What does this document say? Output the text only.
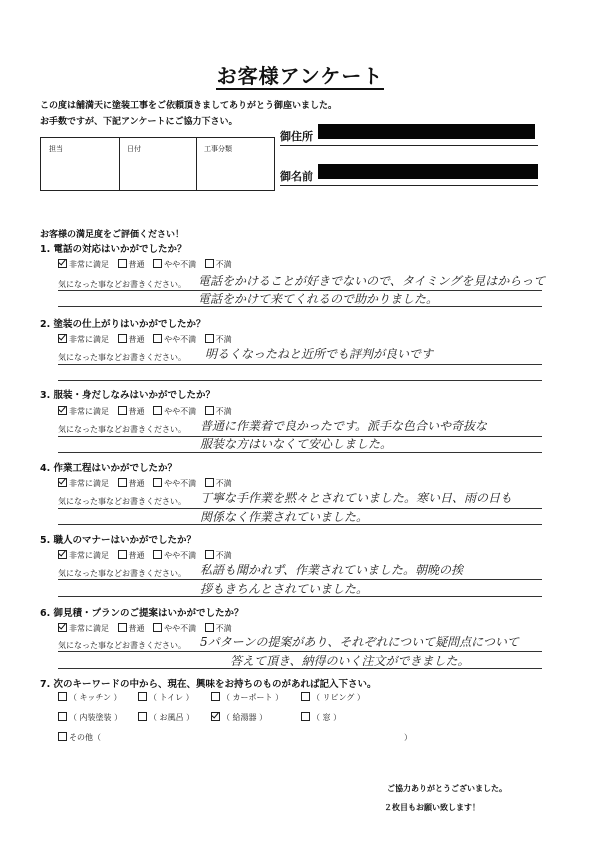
お客様アンケート
この度は舗満天に塗装工事をご依頼頂きましてありがとう御座いました。
お手数ですが、下記アンケートにご協力下さい。
担当	日付	工事分類
御住所
御名前
お客様の満足度をご評価ください！
1. 電話の対応はいかがでしたか？
非常に満足 普通 やや不満 不満
気になった事などお書きください。 電話をかけることが好きでないので、タイミングを見はからって
電話をかけて来てくれるので助かりました。
2. 塗装の仕上がりはいかがでしたか？
非常に満足 普通 やや不満 不満
気になった事などお書きください。 明るくなったねと近所でも評判が良いです
3. 服装・身だしなみはいかがでしたか？
非常に満足 普通 やや不満 不満
気になった事などお書きください。 普通に作業着で良かったです。派手な色合いや奇抜な
服装な方はいなくて安心しました。
4. 作業工程はいかがでしたか？
非常に満足 普通 やや不満 不満
気になった事などお書きください。 丁寧な手作業を黙々とされていました。寒い日、雨の日も
関係なく作業されていました。
5. 職人のマナーはいかがでしたか？
非常に満足 普通 やや不満 不満
気になった事などお書きください。 私語も聞かれず、作業されていました。朝晩の挨
拶もきちんとされていました。
6. 御見積・プランのご提案はいかがでしたか？
非常に満足 普通 やや不満 不満
気になった事などお書きください。 5パターンの提案があり、それぞれについて疑問点について
答えて頂き、納得のいく注文ができました。
7. 次のキーワードの中から、現在、興味をお持ちのものがあれば記入下さい。
（ キッチン ）	（ トイレ ）	（ カーポート ）	（ リビング ）
（ 内装塗装 ）	（ お風呂 ）	（ 給湯器 ）	（ 窓 ）
その他（	）
ご協力ありがとうございました。
２枚目もお願い致します！
